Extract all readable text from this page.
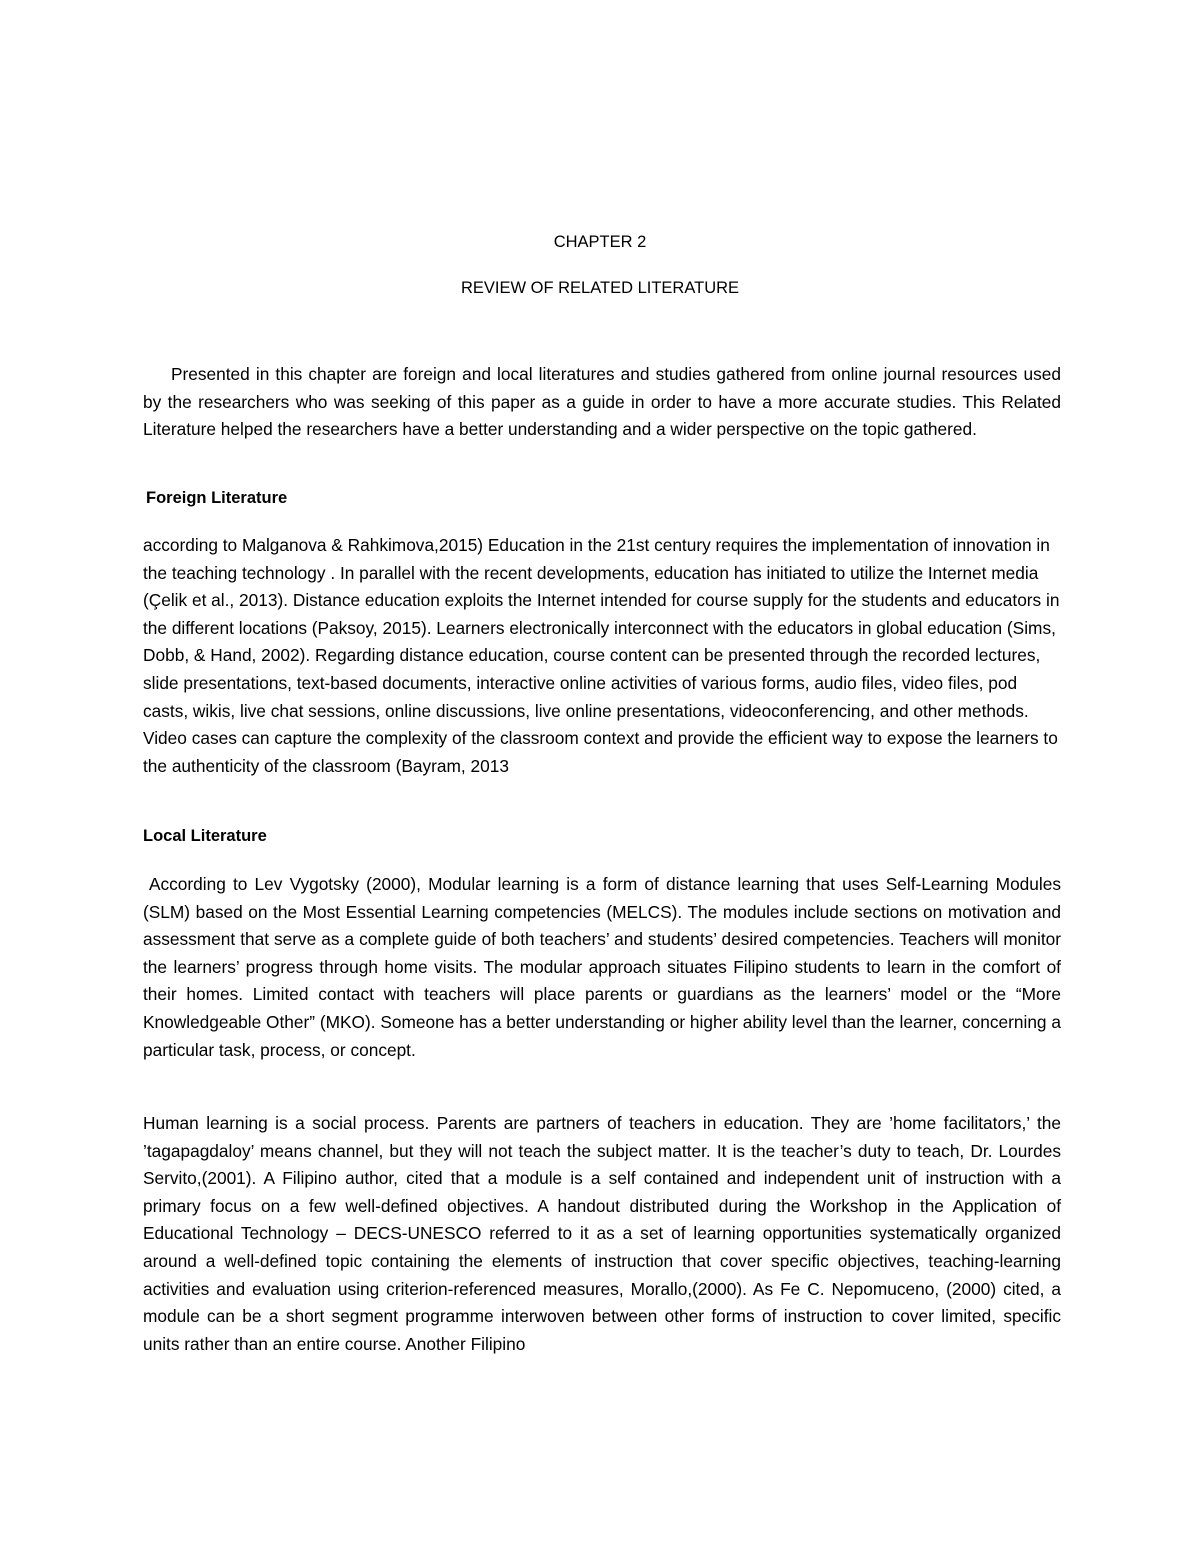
CHAPTER 2
REVIEW OF RELATED LITERATURE

Presented in this chapter are foreign and local literatures and studies gathered from online journal resources used by the researchers who was seeking of this paper as a guide in order to have a more accurate studies. This Related Literature helped the researchers have a better understanding and a wider perspective on the topic gathered.

Foreign Literature

according to Malganova & Rahkimova,2015) Education in the 21st century requires the implementation of innovation in the teaching technology . In parallel with the recent developments, education has initiated to utilize the Internet media (Çelik et al., 2013). Distance education exploits the Internet intended for course supply for the students and educators in the different locations (Paksoy, 2015). Learners electronically interconnect with the educators in global education (Sims, Dobb, & Hand, 2002). Regarding distance education, course content can be presented through the recorded lectures, slide presentations, text-based documents, interactive online activities of various forms, audio files, video files, pod casts, wikis, live chat sessions, online discussions, live online presentations, videoconferencing, and other methods. Video cases can capture the complexity of the classroom context and provide the efficient way to expose the learners to the authenticity of the classroom (Bayram, 2013

Local Literature

According to Lev Vygotsky (2000), Modular learning is a form of distance learning that uses Self-Learning Modules (SLM) based on the Most Essential Learning competencies (MELCS). The modules include sections on motivation and assessment that serve as a complete guide of both teachers’ and students’ desired competencies. Teachers will monitor the learners’ progress through home visits. The modular approach situates Filipino students to learn in the comfort of their homes. Limited contact with teachers will place parents or guardians as the learners’ model or the “More Knowledgeable Other” (MKO). Someone has a better understanding or higher ability level than the learner, concerning a particular task, process, or concept.

Human learning is a social process. Parents are partners of teachers in education. They are ’home facilitators,’ the ’tagapagdaloy’ means channel, but they will not teach the subject matter. It is the teacher’s duty to teach, Dr. Lourdes Servito,(2001). A Filipino author, cited that a module is a self contained and independent unit of instruction with a primary focus on a few well-defined objectives. A handout distributed during the Workshop in the Application of Educational Technology – DECS-UNESCO referred to it as a set of learning opportunities systematically organized around a well-defined topic containing the elements of instruction that cover specific objectives, teaching-learning activities and evaluation using criterion-referenced measures, Morallo,(2000). As Fe C. Nepomuceno, (2000) cited, a module can be a short segment programme interwoven between other forms of instruction to cover limited, specific units rather than an entire course. Another Filipino
